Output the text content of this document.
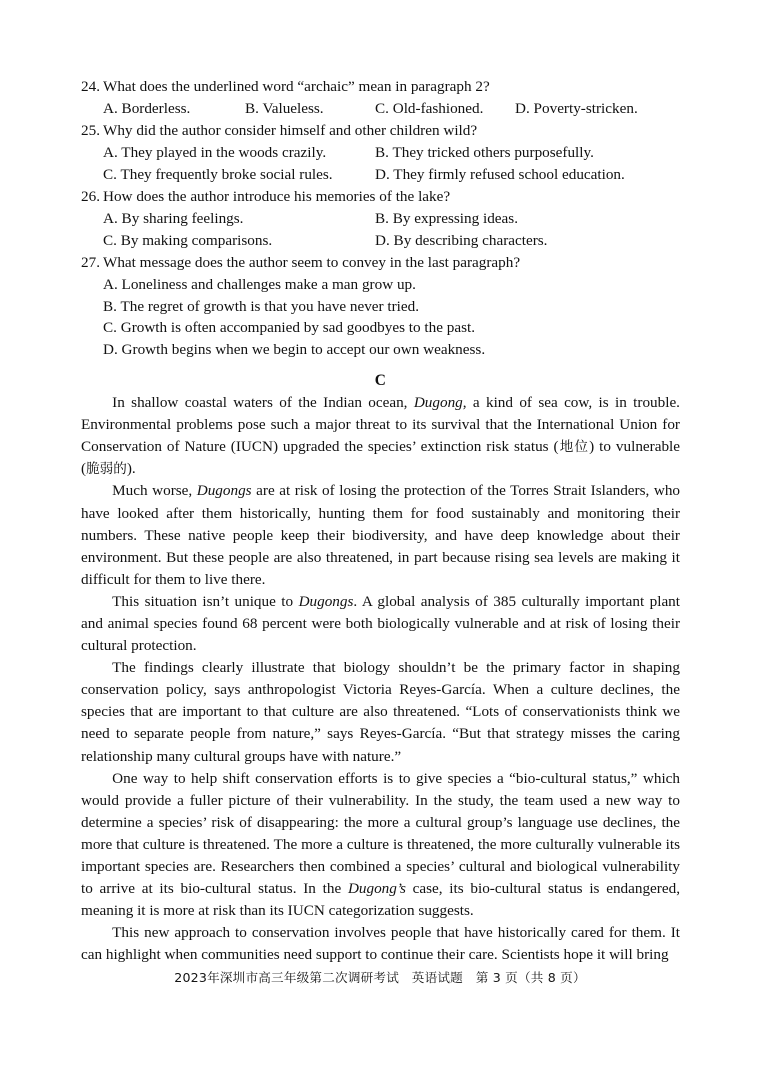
24. What does the underlined word “archaic” mean in paragraph 2?
A. Borderless.	B. Valueless.	C. Old-fashioned. D. Poverty-stricken.
25. Why did the author consider himself and other children wild?
A. They played in the woods crazily.	B. They tricked others purposefully.
C. They frequently broke social rules.	D. They firmly refused school education.
26. How does the author introduce his memories of the lake?
A. By sharing feelings.	B. By expressing ideas.
C. By making comparisons.	D. By describing characters.
27. What message does the author seem to convey in the last paragraph?
A. Loneliness and challenges make a man grow up.
B. The regret of growth is that you have never tried.
C. Growth is often accompanied by sad goodbyes to the past.
D. Growth begins when we begin to accept our own weakness.
C

In shallow coastal waters of the Indian ocean, Dugong, a kind of sea cow, is in trouble. Environmental problems pose such a major threat to its survival that the International Union for Conservation of Nature (IUCN) upgraded the species’ extinction risk status (地位) to vulnerable (脆弱的).

Much worse, Dugongs are at risk of losing the protection of the Torres Strait Islanders, who have looked after them historically, hunting them for food sustainably and monitoring their numbers. These native people keep their biodiversity, and have deep knowledge about their environment. But these people are also threatened, in part because rising sea levels are making it difficult for them to live there.

This situation isn’t unique to Dugongs. A global analysis of 385 culturally important plant and animal species found 68 percent were both biologically vulnerable and at risk of losing their cultural protection.

The findings clearly illustrate that biology shouldn’t be the primary factor in shaping conservation policy, says anthropologist Victoria Reyes-García. When a culture declines, the species that are important to that culture are also threatened. “Lots of conservationists think we need to separate people from nature,” says Reyes-García. “But that strategy misses the caring relationship many cultural groups have with nature.”

One way to help shift conservation efforts is to give species a “bio-cultural status,” which would provide a fuller picture of their vulnerability. In the study, the team used a new way to determine a species’ risk of disappearing: the more a cultural group’s language use declines, the more that culture is threatened. The more a culture is threatened, the more culturally vulnerable its important species are. Researchers then combined a species’ cultural and biological vulnerability to arrive at its bio-cultural status. In the Dugong’s case, its bio-cultural status is endangered, meaning it is more at risk than its IUCN categorization suggests.

This new approach to conservation involves people that have historically cared for them. It can highlight when communities need support to continue their care. Scientists hope it will bring

2023年深圳市高三年级第二次调研考试　英语试题　第 3 页（共 8 页）
